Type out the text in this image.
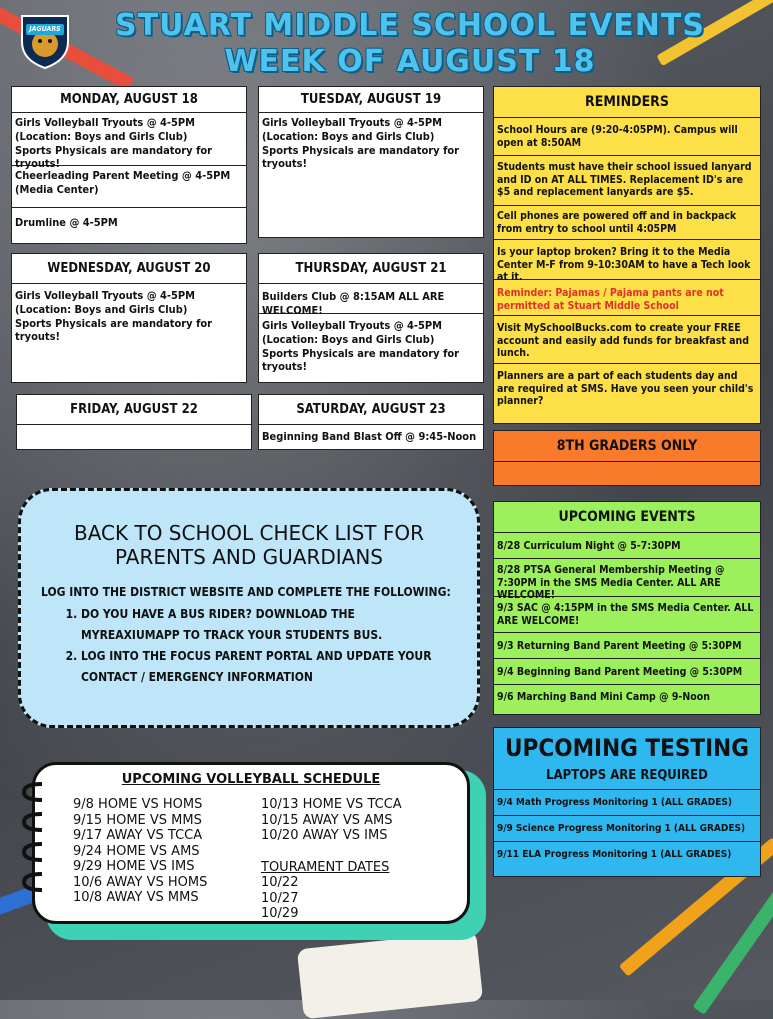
JAGUARS	STUART MIDDLE SCHOOL EVENTS
WEEK OF AUGUST 18
MONDAY, AUGUST 18
Girls Volleyball Tryouts @ 4-5PM (Location: Boys and Girls Club)
Sports Physicals are mandatory for tryouts!
Cheerleading Parent Meeting @ 4-5PM (Media Center)
Drumline @ 4-5PM
TUESDAY, AUGUST 19
Girls Volleyball Tryouts @ 4-5PM (Location: Boys and Girls Club)
Sports Physicals are mandatory for tryouts!
WEDNESDAY, AUGUST 20
Girls Volleyball Tryouts @ 4-5PM (Location: Boys and Girls Club)
Sports Physicals are mandatory for tryouts!
THURSDAY, AUGUST 21
Builders Club @ 8:15AM ALL ARE WELCOME!
Girls Volleyball Tryouts @ 4-5PM (Location: Boys and Girls Club)
Sports Physicals are mandatory for tryouts!
FRIDAY, AUGUST 22	SATURDAY, AUGUST 23
Beginning Band Blast Off @ 9:45-Noon
REMINDERS
School Hours are (9:20-4:05PM). Campus will open at 8:50AM
Students must have their school issued lanyard and ID on AT ALL TIMES. Replacement ID's are $5 and replacement lanyards are $5.
Cell phones are powered off and in backpack from entry to school until 4:05PM
Is your laptop broken? Bring it to the Media Center M-F from 9-10:30AM to have a Tech look at it.
Reminder: Pajamas / Pajama pants are not permitted at Stuart Middle School
Visit MySchoolBucks.com to create your FREE account and easily add funds for breakfast and lunch.
Planners are a part of each students day and are required at SMS. Have you seen your child's planner?
8TH GRADERS ONLY
UPCOMING EVENTS
8/28 Curriculum Night @ 5-7:30PM
8/28 PTSA General Membership Meeting @ 7:30PM in the SMS Media Center. ALL ARE WELCOME!
9/3 SAC @ 4:15PM in the SMS Media Center. ALL ARE WELCOME!
9/3 Returning Band Parent Meeting @ 5:30PM
9/4 Beginning Band Parent Meeting @ 5:30PM
9/6 Marching Band Mini Camp @ 9-Noon
UPCOMING TESTING
LAPTOPS ARE REQUIRED
9/4 Math Progress Monitoring 1 (ALL GRADES)
9/9 Science Progress Monitoring 1 (ALL GRADES)
9/11 ELA Progress Monitoring 1 (ALL GRADES)
BACK TO SCHOOL CHECK LIST FOR PARENTS AND GUARDIANS
LOG INTO THE DISTRICT WEBSITE AND COMPLETE THE FOLLOWING:
1. DO YOU HAVE A BUS RIDER? DOWNLOAD THE MYREAXIUMAPP TO TRACK YOUR STUDENTS BUS.
2. LOG INTO THE FOCUS PARENT PORTAL AND UPDATE YOUR CONTACT / EMERGENCY INFORMATION
UPCOMING VOLLEYBALL SCHEDULE
9/8 HOME VS HOMS
9/15 HOME VS MMS
9/17 AWAY VS TCCA
9/24 HOME VS AMS
9/29 HOME VS IMS
10/6 AWAY VS HOMS
10/8 AWAY VS MMS
10/13 HOME VS TCCA
10/15 AWAY VS AMS
10/20 AWAY VS IMS
TOURAMENT DATES
10/22
10/27
10/29
